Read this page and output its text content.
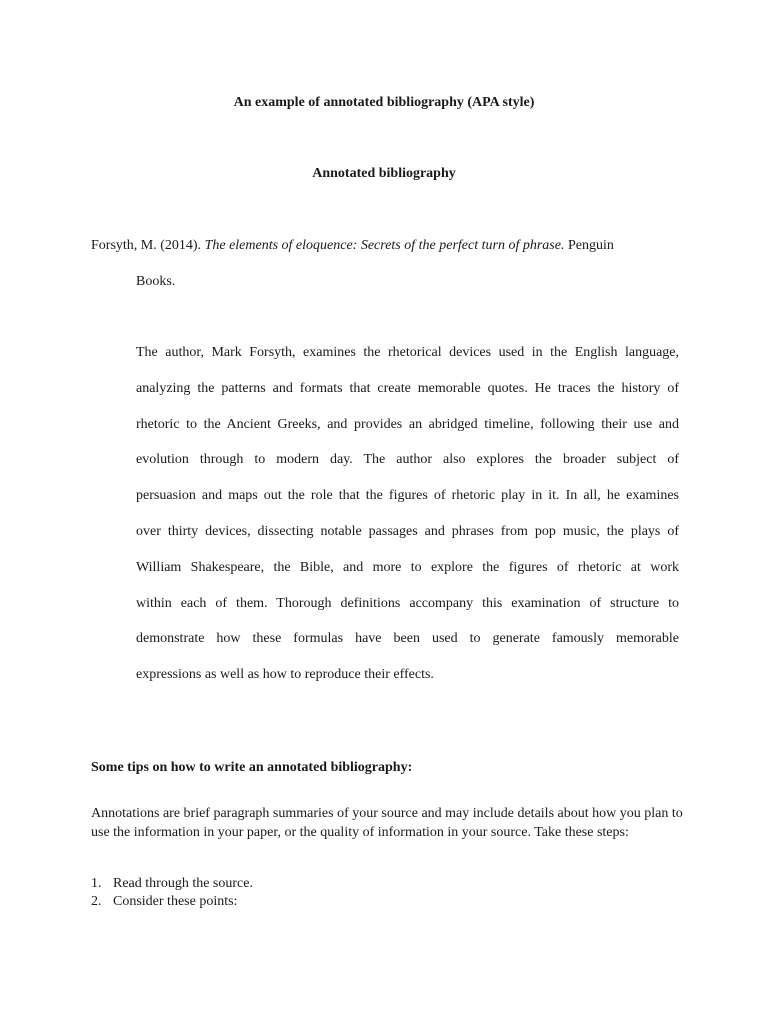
An example of annotated bibliography (APA style)
Annotated bibliography
Forsyth, M. (2014). The elements of eloquence: Secrets of the perfect turn of phrase. Penguin
Books.
The author, Mark Forsyth, examines the rhetorical devices used in the English language,
analyzing the patterns and formats that create memorable quotes. He traces the history of
rhetoric to the Ancient Greeks, and provides an abridged timeline, following their use and
evolution through to modern day. The author also explores the broader subject of
persuasion and maps out the role that the figures of rhetoric play in it. In all, he examines
over thirty devices, dissecting notable passages and phrases from pop music, the plays of
William Shakespeare, the Bible, and more to explore the figures of rhetoric at work
within each of them. Thorough definitions accompany this examination of structure to
demonstrate how these formulas have been used to generate famously memorable
expressions as well as how to reproduce their effects.
Some tips on how to write an annotated bibliography:
Annotations are brief paragraph summaries of your source and may include details about how you plan to use the information in your paper, or the quality of information in your source. Take these steps:
1. Read through the source.
2. Consider these points:
